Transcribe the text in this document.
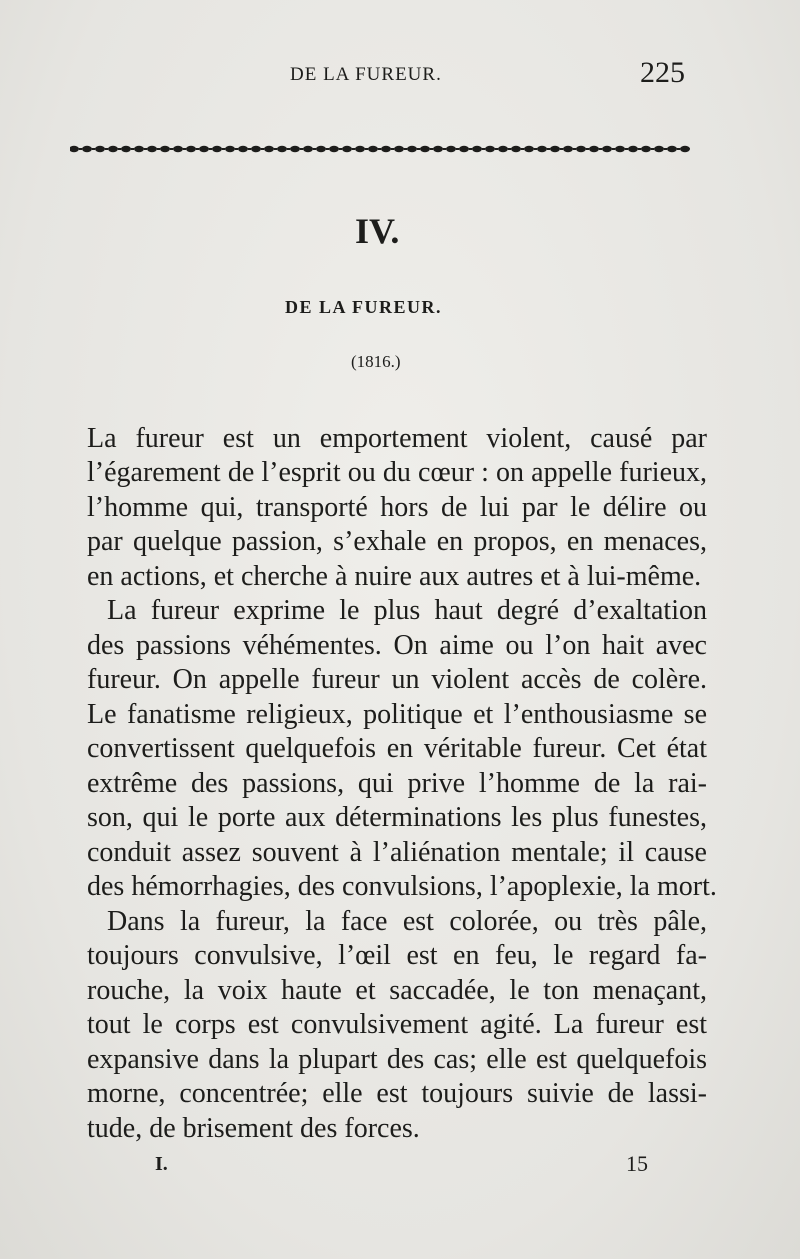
DE LA FUREUR.	225
IV.
DE LA FUREUR.
(1816.)
La fureur est un emportement violent, causé par
l’égarement de l’esprit ou du cœur : on appelle furieux,
l’homme qui, transporté hors de lui par le délire ou
par quelque passion, s’exhale en propos, en menaces,
en actions, et cherche à nuire aux autres et à lui-même.
La fureur exprime le plus haut degré d’exaltation
des passions véhémentes. On aime ou l’on hait avec
fureur. On appelle fureur un violent accès de colère.
Le fanatisme religieux, politique et l’enthousiasme se
convertissent quelquefois en véritable fureur. Cet état
extrême des passions, qui prive l’homme de la rai-
son, qui le porte aux déterminations les plus funestes,
conduit assez souvent à l’aliénation mentale; il cause
des hémorrhagies, des convulsions, l’apoplexie, la mort.
Dans la fureur, la face est colorée, ou très pâle,
toujours convulsive, l’œil est en feu, le regard fa-
rouche, la voix haute et saccadée, le ton menaçant,
tout le corps est convulsivement agité. La fureur est
expansive dans la plupart des cas; elle est quelquefois
morne, concentrée; elle est toujours suivie de lassi-
tude, de brisement des forces.
I.	15
